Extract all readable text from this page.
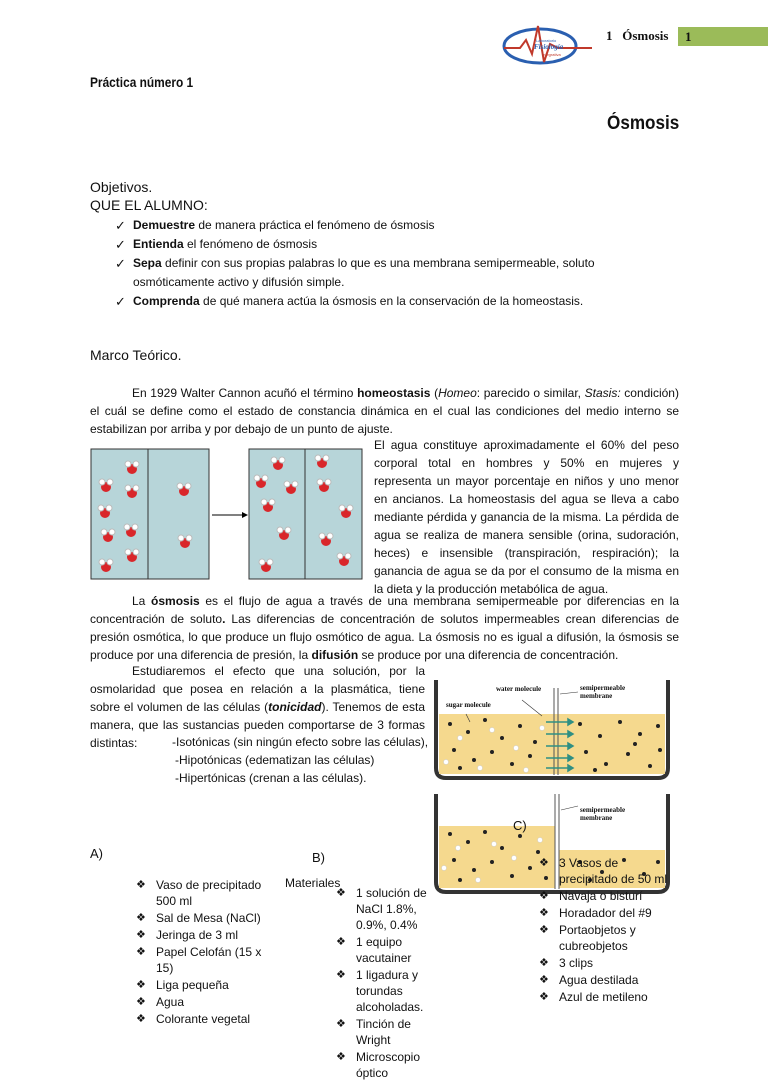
Laboratorio
Fisiología
Integrativa
1   Ósmosis 1
Práctica número 1
Ósmosis
Objetivos.
QUE EL ALUMNO:
✓ Demuestre de manera práctica el fenómeno de ósmosis
✓ Entienda el fenómeno de ósmosis
✓ Sepa definir con sus propias palabras lo que es una membrana semipermeable, soluto osmóticamente activo y difusión simple.
✓ Comprenda de qué manera actúa la ósmosis en la conservación de la homeostasis.
Marco Teórico.
En 1929 Walter Cannon acuñó el término homeostasis (Homeo: parecido o similar, Stasis: condición) el cuál se define como el estado de constancia dinámica en el cual las condiciones del medio interno se estabilizan por arriba y por debajo de un punto de ajuste.
El agua constituye aproximadamente el 60% del peso corporal total en hombres y 50% en mujeres y representa un mayor porcentaje en niños y uno menor en ancianos. La homeostasis del agua se lleva a cabo mediante pérdida y ganancia de la misma. La pérdida de agua se realiza de manera sensible (orina, sudoración, heces) e insensible (transpiración, respiración); la ganancia de agua se da por el consumo de la misma en la dieta y la producción metabólica de agua.
La ósmosis es el flujo de agua a través de una membrana semipermeable por diferencias en la concentración de soluto. Las diferencias de concentración de solutos impermeables crean diferencias de presión osmótica, lo que produce un flujo osmótico de agua. La ósmosis no es igual a difusión, la ósmosis se produce por una diferencia de presión, la difusión se produce por una diferencia de concentración.
Estudiaremos el efecto que una solución, por la osmolaridad que posea en relación a la plasmática, tiene sobre el volumen de las células (tonicidad). Tenemos de esta manera, que las sustancias pueden comportarse de 3 formas distintas:	-Isotónicas (sin ningún efecto sobre las células),
-Hipotónicas (edematizan las células)
-Hipertónicas (crenan a las células).
water molecule
sugar molecule
semipermeable membrane
semipermeable membrane
A)	B)
C)
Materiales
❖ Vaso de precipitado 500 ml
❖ Sal de Mesa (NaCl)
❖ Jeringa de 3 ml
❖ Papel Celofán (15 x 15)
❖ Liga pequeña
❖ Agua
❖ Colorante vegetal
❖ 1 solución de NaCl 1.8%, 0.9%, 0.4%
❖ 1 equipo vacutainer
❖ 1 ligadura y torundas alcoholadas.
❖ Tinción de Wright
❖ Microscopio óptico
❖ 3 Vasos de precipitado de 50 ml
❖ Navaja o bisturí
❖ Horadador del #9
❖ Portaobjetos y cubreobjetos
❖ 3 clips
❖ Agua destilada
❖ Azul de metileno
